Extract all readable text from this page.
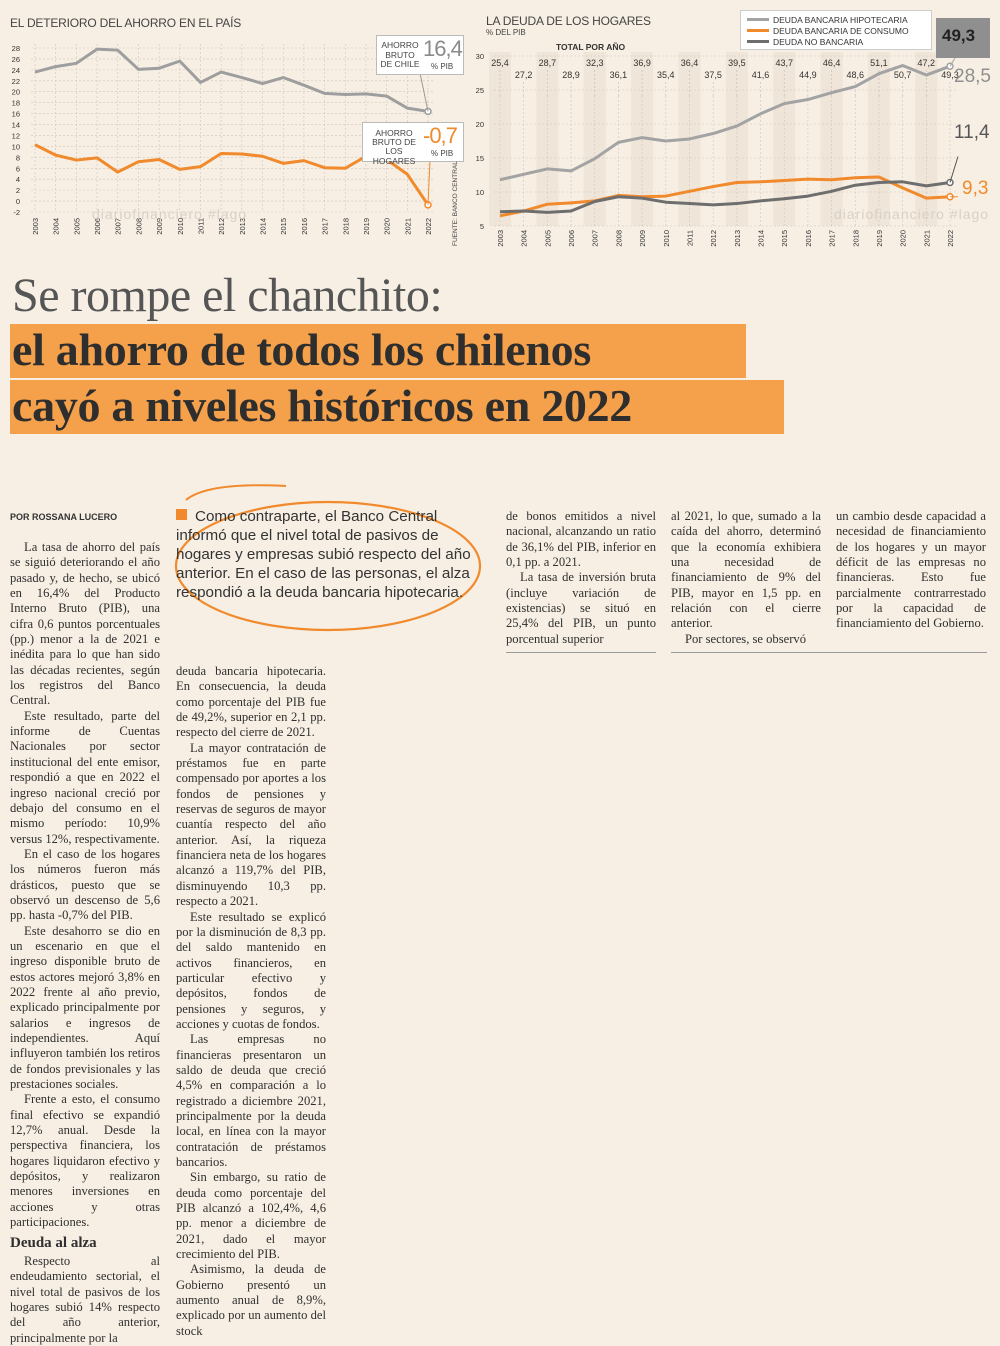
EL DETERIORO DEL AHORRO EN EL PAÍS
28
26
24
22
20
18
16
14
12
10
8
6
4
2
0
-2
2003 2004 2005 2006 2007 2008 2009 2010 2011 2012 2013 2014 2015 2016 2017 2018 2019 2020 2021 2022
diariofinanciero #lago
AHORRO BRUTO DE CHILE
16,4
% PIB
AHORRO BRUTO DE LOS HOGARES
-0,7
% PIB
LA DEUDA DE LOS HOGARES
% DEL PIB
TOTAL POR AÑO
DEUDA BANCARIA HIPOTECARIA
DEUDA BANCARIA DE CONSUMO
DEUDA NO BANCARIA
30
25
20
15
10
5
2003 2004 2005 2006 2007 2008 2009 2010 2011 2012 2013 2014 2015 2016 2017 2018 2019 2020 2021 2022
25,4
27,2
28,7
28,9
32,3
36,1
36,9
35,4
36,4
37,5
39,5
41,6
43,7
44,9
46,4
48,6
51,1
50,7
47,2
49,3
FUENTE: BANCO CENTRAL	diariofinanciero #lago
49,3
28,5
11,4
9,3
Se rompe el chanchito:
el ahorro de todos los chilenos
cayó a niveles históricos en 2022
POR ROSSANA LUCERO	Como contraparte, el Banco Central informó que el nivel total de pasivos de hogares y empresas subió respecto del año anterior. En el caso de las personas, el alza respondió a la deuda bancaria hipotecaria.

La tasa de ahorro del país se siguió deteriorando el año pasado y, de hecho, se ubicó en 16,4% del Producto Interno Bruto (PIB), una cifra 0,6 puntos porcentuales (pp.) menor a la de 2021 e inédita para lo que han sido las décadas recientes, según los registros del Banco Central.

Este resultado, parte del informe de Cuentas Nacionales por sector institucional del ente emisor, respondió a que en 2022 el ingreso nacional creció por debajo del consumo en el mismo período: 10,9% versus 12%, respectivamente.

En el caso de los hogares los números fueron más drásticos, puesto que se observó un descenso de 5,6 pp. hasta -0,7% del PIB.

Este desahorro se dio en un escenario en que el ingreso disponible bruto de estos actores mejoró 3,8% en 2022 frente al año previo, explicado principalmente por salarios e ingresos de independientes. Aquí influyeron también los retiros de fondos previsionales y las prestaciones sociales.

Frente a esto, el consumo final efectivo se expandió 12,7% anual. Desde la perspectiva financiera, los hogares liquidaron efectivo y depósitos, y realizaron menores inversiones en acciones y otras participaciones.

Deuda al alza

Respecto al endeudamiento sectorial, el nivel total de pasivos de los hogares subió 14% respecto del año anterior, principalmente por la

deuda bancaria hipotecaria. En consecuencia, la deuda como porcentaje del PIB fue de 49,2%, superior en 2,1 pp. respecto del cierre de 2021.

La mayor contratación de préstamos fue en parte compensado por aportes a los fondos de pensiones y reservas de seguros de mayor cuantía respecto del año anterior. Así, la riqueza financiera neta de los hogares alcanzó a 119,7% del PIB, disminuyendo 10,3 pp. respecto a 2021.

Este resultado se explicó por la disminución de 8,3 pp. del saldo mantenido en activos financieros, en particular efectivo y depósitos, fondos de pensiones y seguros, y acciones y cuotas de fondos.

Las empresas no financieras presentaron un saldo de deuda que creció 4,5% en comparación a lo registrado a diciembre 2021, principalmente por la deuda local, en línea con la mayor contratación de préstamos bancarios.

Sin embargo, su ratio de deuda como porcentaje del PIB alcanzó a 102,4%, 4,6 pp. menor a diciembre de 2021, dado el mayor crecimiento del PIB.

Asimismo, la deuda de Gobierno presentó un aumento anual de 8,9%, explicado por un aumento del stock

de bonos emitidos a nivel nacional, alcanzando un ratio de 36,1% del PIB, inferior en 0,1 pp. a 2021.

La tasa de inversión bruta (incluye variación de existencias) se situó en 25,4% del PIB, un punto porcentual superior

al 2021, lo que, sumado a la caída del ahorro, determinó que la economía exhibiera una necesidad de financiamiento de 9% del PIB, mayor en 1,5 pp. en relación con el cierre anterior.

Por sectores, se observó

un cambio desde capacidad a necesidad de financiamiento de los hogares y un mayor déficit de las empresas no financieras. Esto fue parcialmente contrarrestado por la capacidad de financiamiento del Gobierno.
